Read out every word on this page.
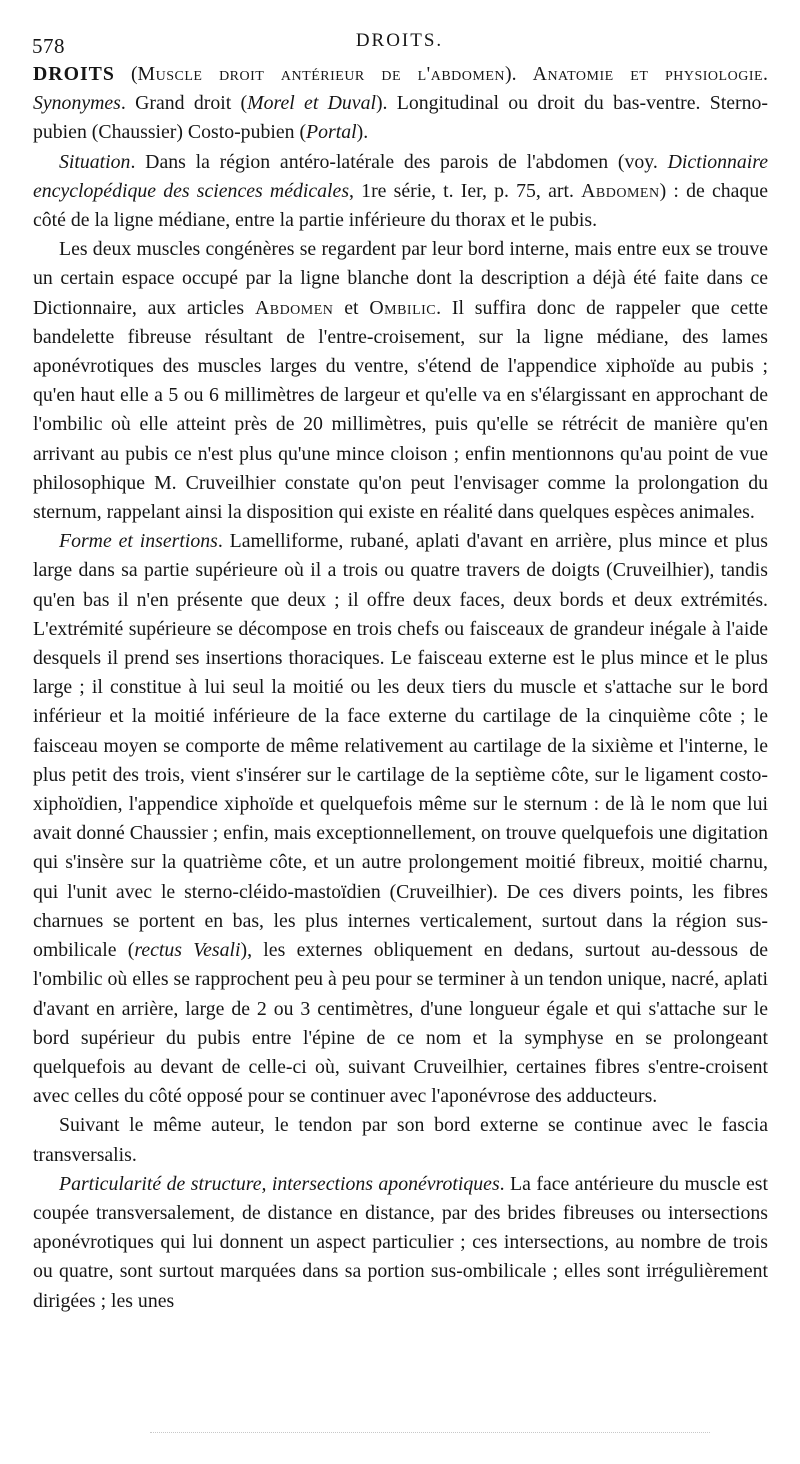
578	DROITS.

DROITS (Muscle droit antérieur de l'abdomen). Anatomie et physiologie. Synonymes. Grand droit (Morel et Duval). Longitudinal ou droit du bas-ventre. Sterno-pubien (Chaussier) Costo-pubien (Portal).

Situation. Dans la région antéro-latérale des parois de l'abdomen (voy. Dictionnaire encyclopédique des sciences médicales, 1re série, t. Ier, p. 75, art. Abdomen) : de chaque côté de la ligne médiane, entre la partie inférieure du thorax et le pubis.

Les deux muscles congénères se regardent par leur bord interne, mais entre eux se trouve un certain espace occupé par la ligne blanche dont la description a déjà été faite dans ce Dictionnaire, aux articles Abdomen et Ombilic. Il suffira donc de rappeler que cette bandelette fibreuse résultant de l'entre-croisement, sur la ligne médiane, des lames aponévrotiques des muscles larges du ventre, s'étend de l'appendice xiphoïde au pubis ; qu'en haut elle a 5 ou 6 millimètres de largeur et qu'elle va en s'élargissant en approchant de l'ombilic où elle atteint près de 20 millimètres, puis qu'elle se rétrécit de manière qu'en arrivant au pubis ce n'est plus qu'une mince cloison ; enfin mentionnons qu'au point de vue philosophique M. Cruveilhier constate qu'on peut l'envisager comme la prolongation du sternum, rappelant ainsi la disposition qui existe en réalité dans quelques espèces animales.

Forme et insertions. Lamelliforme, rubané, aplati d'avant en arrière, plus mince et plus large dans sa partie supérieure où il a trois ou quatre travers de doigts (Cruveilhier), tandis qu'en bas il n'en présente que deux ; il offre deux faces, deux bords et deux extrémités. L'extrémité supérieure se décompose en trois chefs ou faisceaux de grandeur inégale à l'aide desquels il prend ses insertions thoraciques. Le faisceau externe est le plus mince et le plus large ; il constitue à lui seul la moitié ou les deux tiers du muscle et s'attache sur le bord inférieur et la moitié inférieure de la face externe du cartilage de la cinquième côte ; le faisceau moyen se comporte de même relativement au cartilage de la sixième et l'interne, le plus petit des trois, vient s'insérer sur le cartilage de la septième côte, sur le ligament costo-xiphoïdien, l'appendice xiphoïde et quelquefois même sur le sternum : de là le nom que lui avait donné Chaussier ; enfin, mais exceptionnellement, on trouve quelquefois une digitation qui s'insère sur la quatrième côte, et un autre prolongement moitié fibreux, moitié charnu, qui l'unit avec le sterno-cléido-mastoïdien (Cruveilhier). De ces divers points, les fibres charnues se portent en bas, les plus internes verticalement, surtout dans la région sus-ombilicale (rectus Vesali), les externes obliquement en dedans, surtout au-dessous de l'ombilic où elles se rapprochent peu à peu pour se terminer à un tendon unique, nacré, aplati d'avant en arrière, large de 2 ou 3 centimètres, d'une longueur égale et qui s'attache sur le bord supérieur du pubis entre l'épine de ce nom et la symphyse en se prolongeant quelquefois au devant de celle-ci où, suivant Cruveilhier, certaines fibres s'entre-croisent avec celles du côté opposé pour se continuer avec l'aponévrose des adducteurs.

Suivant le même auteur, le tendon par son bord externe se continue avec le fascia transversalis.

Particularité de structure, intersections aponévrotiques. La face antérieure du muscle est coupée transversalement, de distance en distance, par des brides fibreuses ou intersections aponévrotiques qui lui donnent un aspect particulier ; ces intersections, au nombre de trois ou quatre, sont surtout marquées dans sa portion sus-ombilicale ; elles sont irrégulièrement dirigées ; les unes
